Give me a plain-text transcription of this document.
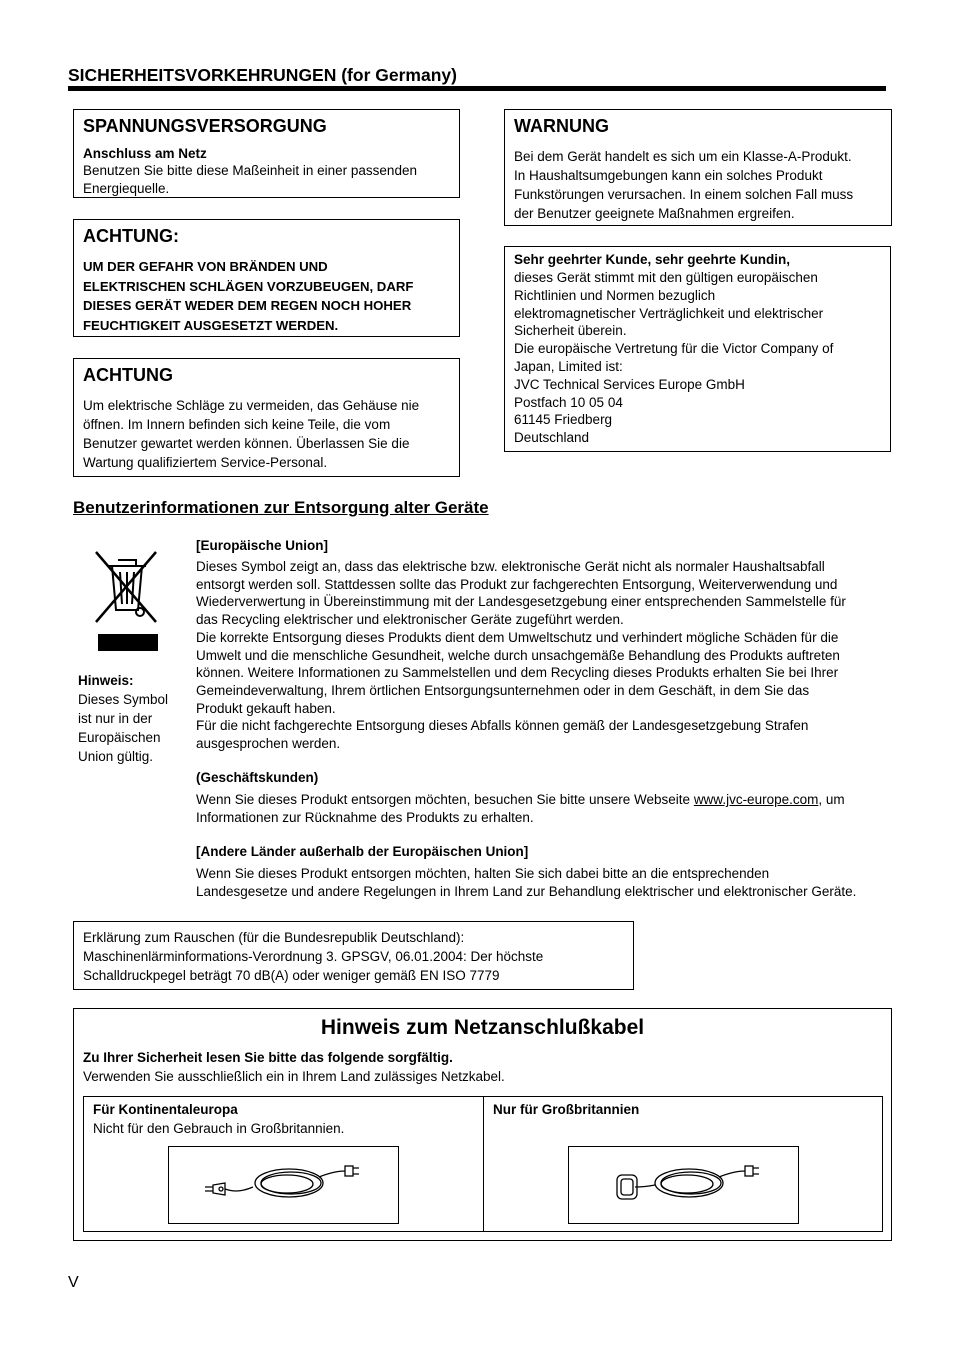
SICHERHEITSVORKEHRUNGEN (for Germany)
SPANNUNGSVERSORGUNG
Anschluss am Netz
Benutzen Sie bitte diese Maßeinheit in einer passenden
Energiequelle.
ACHTUNG:
UM DER GEFAHR VON BRÄNDEN UND
ELEKTRISCHEN SCHLÄGEN VORZUBEUGEN, DARF
DIESES GERÄT WEDER DEM REGEN NOCH HOHER
FEUCHTIGKEIT AUSGESETZT WERDEN.
ACHTUNG
Um elektrische Schläge zu vermeiden, das Gehäuse nie
öffnen. Im Innern befinden sich keine Teile, die vom
Benutzer gewartet werden können. Überlassen Sie die
Wartung qualifiziertem Service-Personal.
WARNUNG
Bei dem Gerät handelt es sich um ein Klasse-A-Produkt.
In Haushaltsumgebungen kann ein solches Produkt
Funkstörungen verursachen. In einem solchen Fall muss
der Benutzer geeignete Maßnahmen ergreifen.
Sehr geehrter Kunde, sehr geehrte Kundin,
dieses Gerät stimmt mit den gültigen europäischen
Richtlinien und Normen bezuglich
elektromagnetischer Verträglichkeit und elektrischer
Sicherheit überein.
Die europäische Vertretung für die Victor Company of
Japan, Limited ist:
JVC Technical Services Europe GmbH
Postfach 10 05 04
61145 Friedberg
Deutschland
Benutzerinformationen zur Entsorgung alter Geräte
Hinweis:
Dieses Symbol
ist nur in der
Europäischen
Union gültig.
[Europäische Union]
Dieses Symbol zeigt an, dass das elektrische bzw. elektronische Gerät nicht als normaler Haushaltsabfall
entsorgt werden soll. Stattdessen sollte das Produkt zur fachgerechten Entsorgung, Weiterverwendung und
Wiederverwertung in Übereinstimmung mit der Landesgesetzgebung einer entsprechenden Sammelstelle für
das Recycling elektrischer und elektronischer Geräte zugeführt werden.
Die korrekte Entsorgung dieses Produkts dient dem Umweltschutz und verhindert mögliche Schäden für die
Umwelt und die menschliche Gesundheit, welche durch unsachgemäße Behandlung des Produkts auftreten
können. Weitere Informationen zu Sammelstellen und dem Recycling dieses Produkts erhalten Sie bei Ihrer
Gemeindeverwaltung, Ihrem örtlichen Entsorgungsunternehmen oder in dem Geschäft, in dem Sie das
Produkt gekauft haben.
Für die nicht fachgerechte Entsorgung dieses Abfalls können gemäß der Landesgesetzgebung Strafen
ausgesprochen werden.
(Geschäftskunden)
Wenn Sie dieses Produkt entsorgen möchten, besuchen Sie bitte unsere Webseite www.jvc-europe.com, um
Informationen zur Rücknahme des Produkts zu erhalten.
[Andere Länder außerhalb der Europäischen Union]
Wenn Sie dieses Produkt entsorgen möchten, halten Sie sich dabei bitte an die entsprechenden
Landesgesetze und andere Regelungen in Ihrem Land zur Behandlung elektrischer und elektronischer Geräte.
Erklärung zum Rauschen (für die Bundesrepublik Deutschland):
Maschinenlärminformations-Verordnung 3. GPSGV, 06.01.2004: Der höchste
Schalldruckpegel beträgt 70 dB(A) oder weniger gemäß EN ISO 7779
Hinweis zum Netzanschlußkabel
Zu Ihrer Sicherheit lesen Sie bitte das folgende sorgfältig.
Verwenden Sie ausschließlich ein in Ihrem Land zulässiges Netzkabel.
Für Kontinentaleuropa
Nicht für den Gebrauch in Großbritannien.
Nur für Großbritannien
V
